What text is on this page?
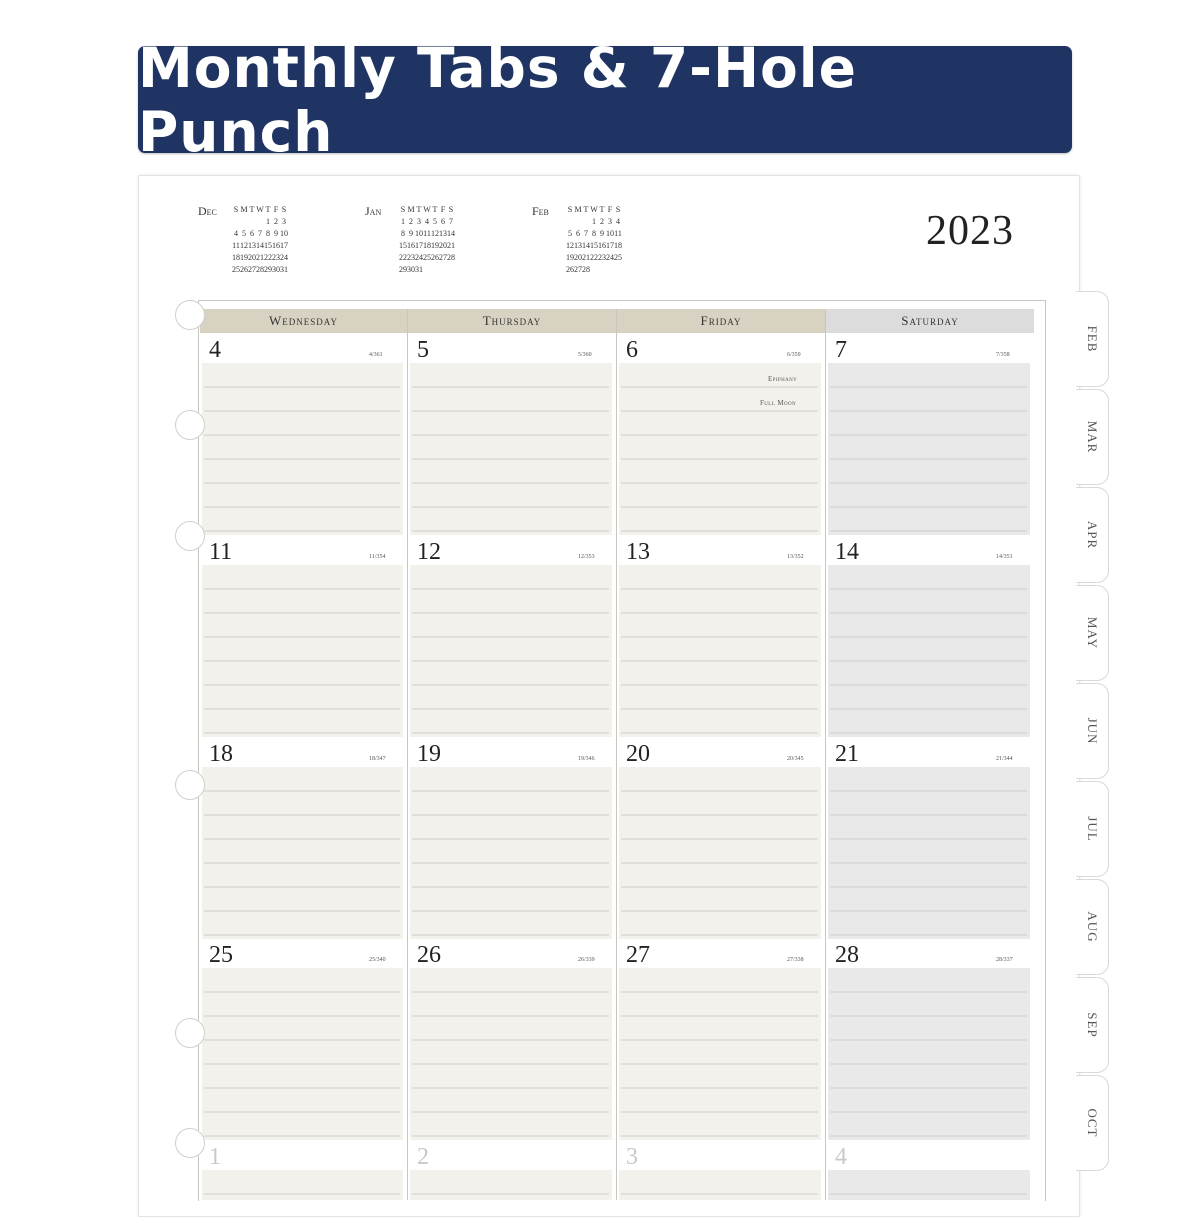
Monthly Tabs & 7-Hole Punch
2023
Dec S	M	T	W	T	F	S
				1	2	3
4	5	6	7	8	9	10
11	12	13	14	15	16	17
18	19	20	21	22	23	24
25	26	27	28	29	30	31
Jan S	M	T	W	T	F	S
1	2	3	4	5	6	7
8	9	10	11	12	13	14
15	16	17	18	19	20	21
22	23	24	25	26	27	28
29	30	31				
Feb S	M	T	W	T	F	S
			1	2	3	4
5	6	7	8	9	10	11
12	13	14	15	16	17	18
19	20	21	22	23	24	25
26	27	28				
Wednesday	Thursday	Friday	Saturday
4	4/361 5	5/360 6	6/359 7	7/358
11	11/354 12	12/353 13	13/352 14	14/351
18	18/347 19	19/346 20	20/345 21	21/344
25	25/340 26	26/339 27	27/338 28	28/337
1	2	3	4
Epiphany
Full Moon
FEB
MAR
APR
MAY
JUN
JUL
AUG
SEP
OCT
